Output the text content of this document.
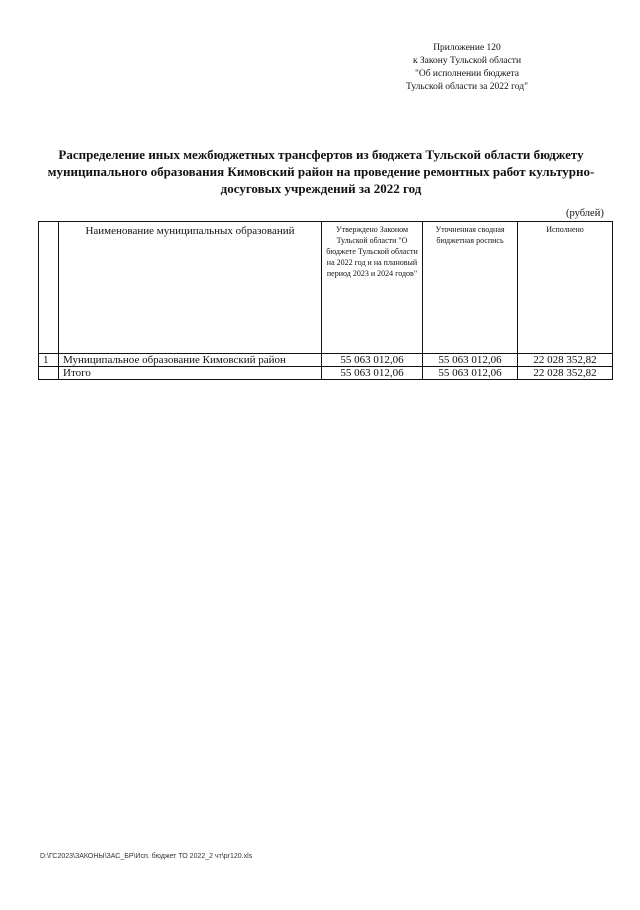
Приложение 120
к Закону Тульской области
"Об исполнении бюджета
Тульской области за 2022 год"
Распределение иных межбюджетных трансфертов из бюджета Тульской области бюджету муниципального образования Кимовский район на проведение ремонтных работ культурно-досуговых учреждений за 2022 год
(рублей)
	Наименование муниципальных образований	Утверждено Законом Тульской области "О бюджете Тульской области на 2022 год и на плановый период 2023 и 2024 годов"	Уточненная сводная бюджетная роспись	Исполнено
1	Муниципальное образование Кимовский район	55 063 012,06	55 063 012,06	22 028 352,82
	Итого	55 063 012,06	55 063 012,06	22 028 352,82
D:\ГС2023\ЗАКОНЫ\ЗАС_БР\Исп. бюджет ТО 2022_2 чт\pr120.xls
